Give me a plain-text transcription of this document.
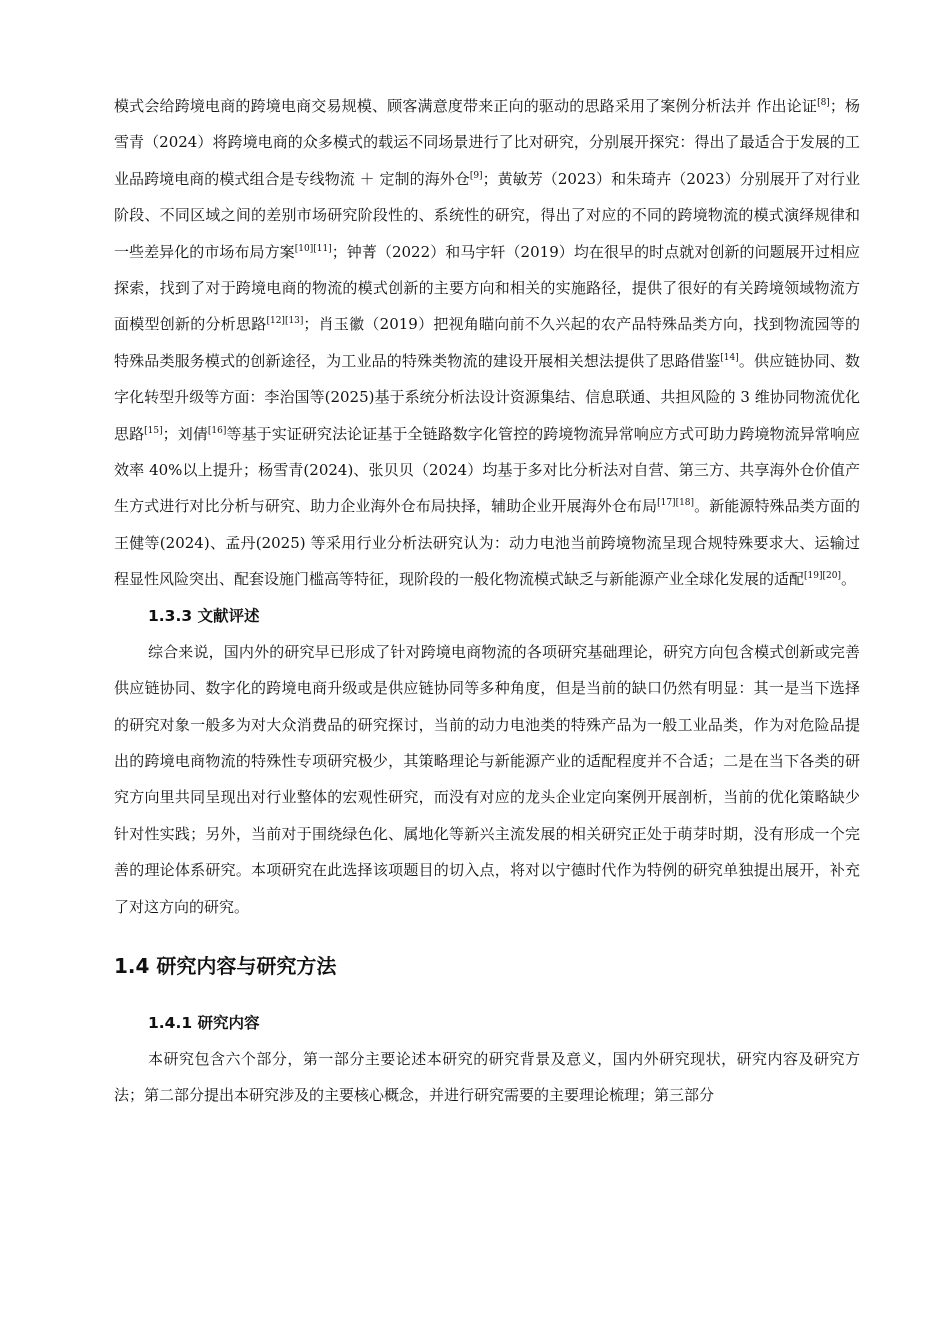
模式会给跨境电商的跨境电商交易规模、顾客满意度带来正向的驱动的思路采用了案例分析法并 作出论证[8]；杨雪青（2024）将跨境电商的众多模式的载运不同场景进行了比对研究，分别展开探究：得出了最适合于发展的工业品跨境电商的模式组合是专线物流 ＋ 定制的海外仓[9]；黄敏芳（2023）和朱琦卉（2023）分别展开了对行业阶段、不同区域之间的差别市场研究阶段性的、系统性的研究，得出了对应的不同的跨境物流的模式演绎规律和一些差异化的市场布局方案[10][11]；钟菁（2022）和马宇轩（2019）均在很早的时点就对创新的问题展开过相应探索，找到了对于跨境电商的物流的模式创新的主要方向和相关的实施路径，提供了很好的有关跨境领域物流方面模型创新的分析思路[12][13]；肖玉徽（2019）把视角瞄向前不久兴起的农产品特殊品类方向，找到物流园等的特殊品类服务模式的创新途径，为工业品的特殊类物流的建设开展相关想法提供了思路借鉴[14]。供应链协同、数字化转型升级等方面：李治国等(2025)基于系统分析法设计资源集结、信息联通、共担风险的 3 维协同物流优化思路[15]；刘倩[16]等基于实证研究法论证基于全链路数字化管控的跨境物流异常响应方式可助力跨境物流异常响应效率 40%以上提升；杨雪青(2024)、张贝贝（2024）均基于多对比分析法对自营、第三方、共享海外仓价值产生方式进行对比分析与研究、助力企业海外仓布局抉择，辅助企业开展海外仓布局[17][18]。新能源特殊品类方面的王健等(2024)、孟丹(2025) 等采用行业分析法研究认为：动力电池当前跨境物流呈现合规特殊要求大、运输过程显性风险突出、配套设施门槛高等特征，现阶段的一般化物流模式缺乏与新能源产业全球化发展的适配[19][20]。

1.3.3 文献评述

综合来说，国内外的研究早已形成了针对跨境电商物流的各项研究基础理论，研究方向包含模式创新或完善供应链协同、数字化的跨境电商升级或是供应链协同等多种角度，但是当前的缺口仍然有明显：其一是当下选择的研究对象一般多为对大众消费品的研究探讨，当前的动力电池类的特殊产品为一般工业品类，作为对危险品提出的跨境电商物流的特殊性专项研究极少，其策略理论与新能源产业的适配程度并不合适；二是在当下各类的研究方向里共同呈现出对行业整体的宏观性研究，而没有对应的龙头企业定向案例开展剖析，当前的优化策略缺少针对性实践；另外，当前对于围绕绿色化、属地化等新兴主流发展的相关研究正处于萌芽时期，没有形成一个完善的理论体系研究。本项研究在此选择该项题目的切入点，将对以宁德时代作为特例的研究单独提出展开，补充了对这方向的研究。

1.4 研究内容与研究方法
1.4.1 研究内容

本研究包含六个部分，第一部分主要论述本研究的研究背景及意义，国内外研究现状，研究内容及研究方法；第二部分提出本研究涉及的主要核心概念，并进行研究需要的主要理论梳理；第三部分
